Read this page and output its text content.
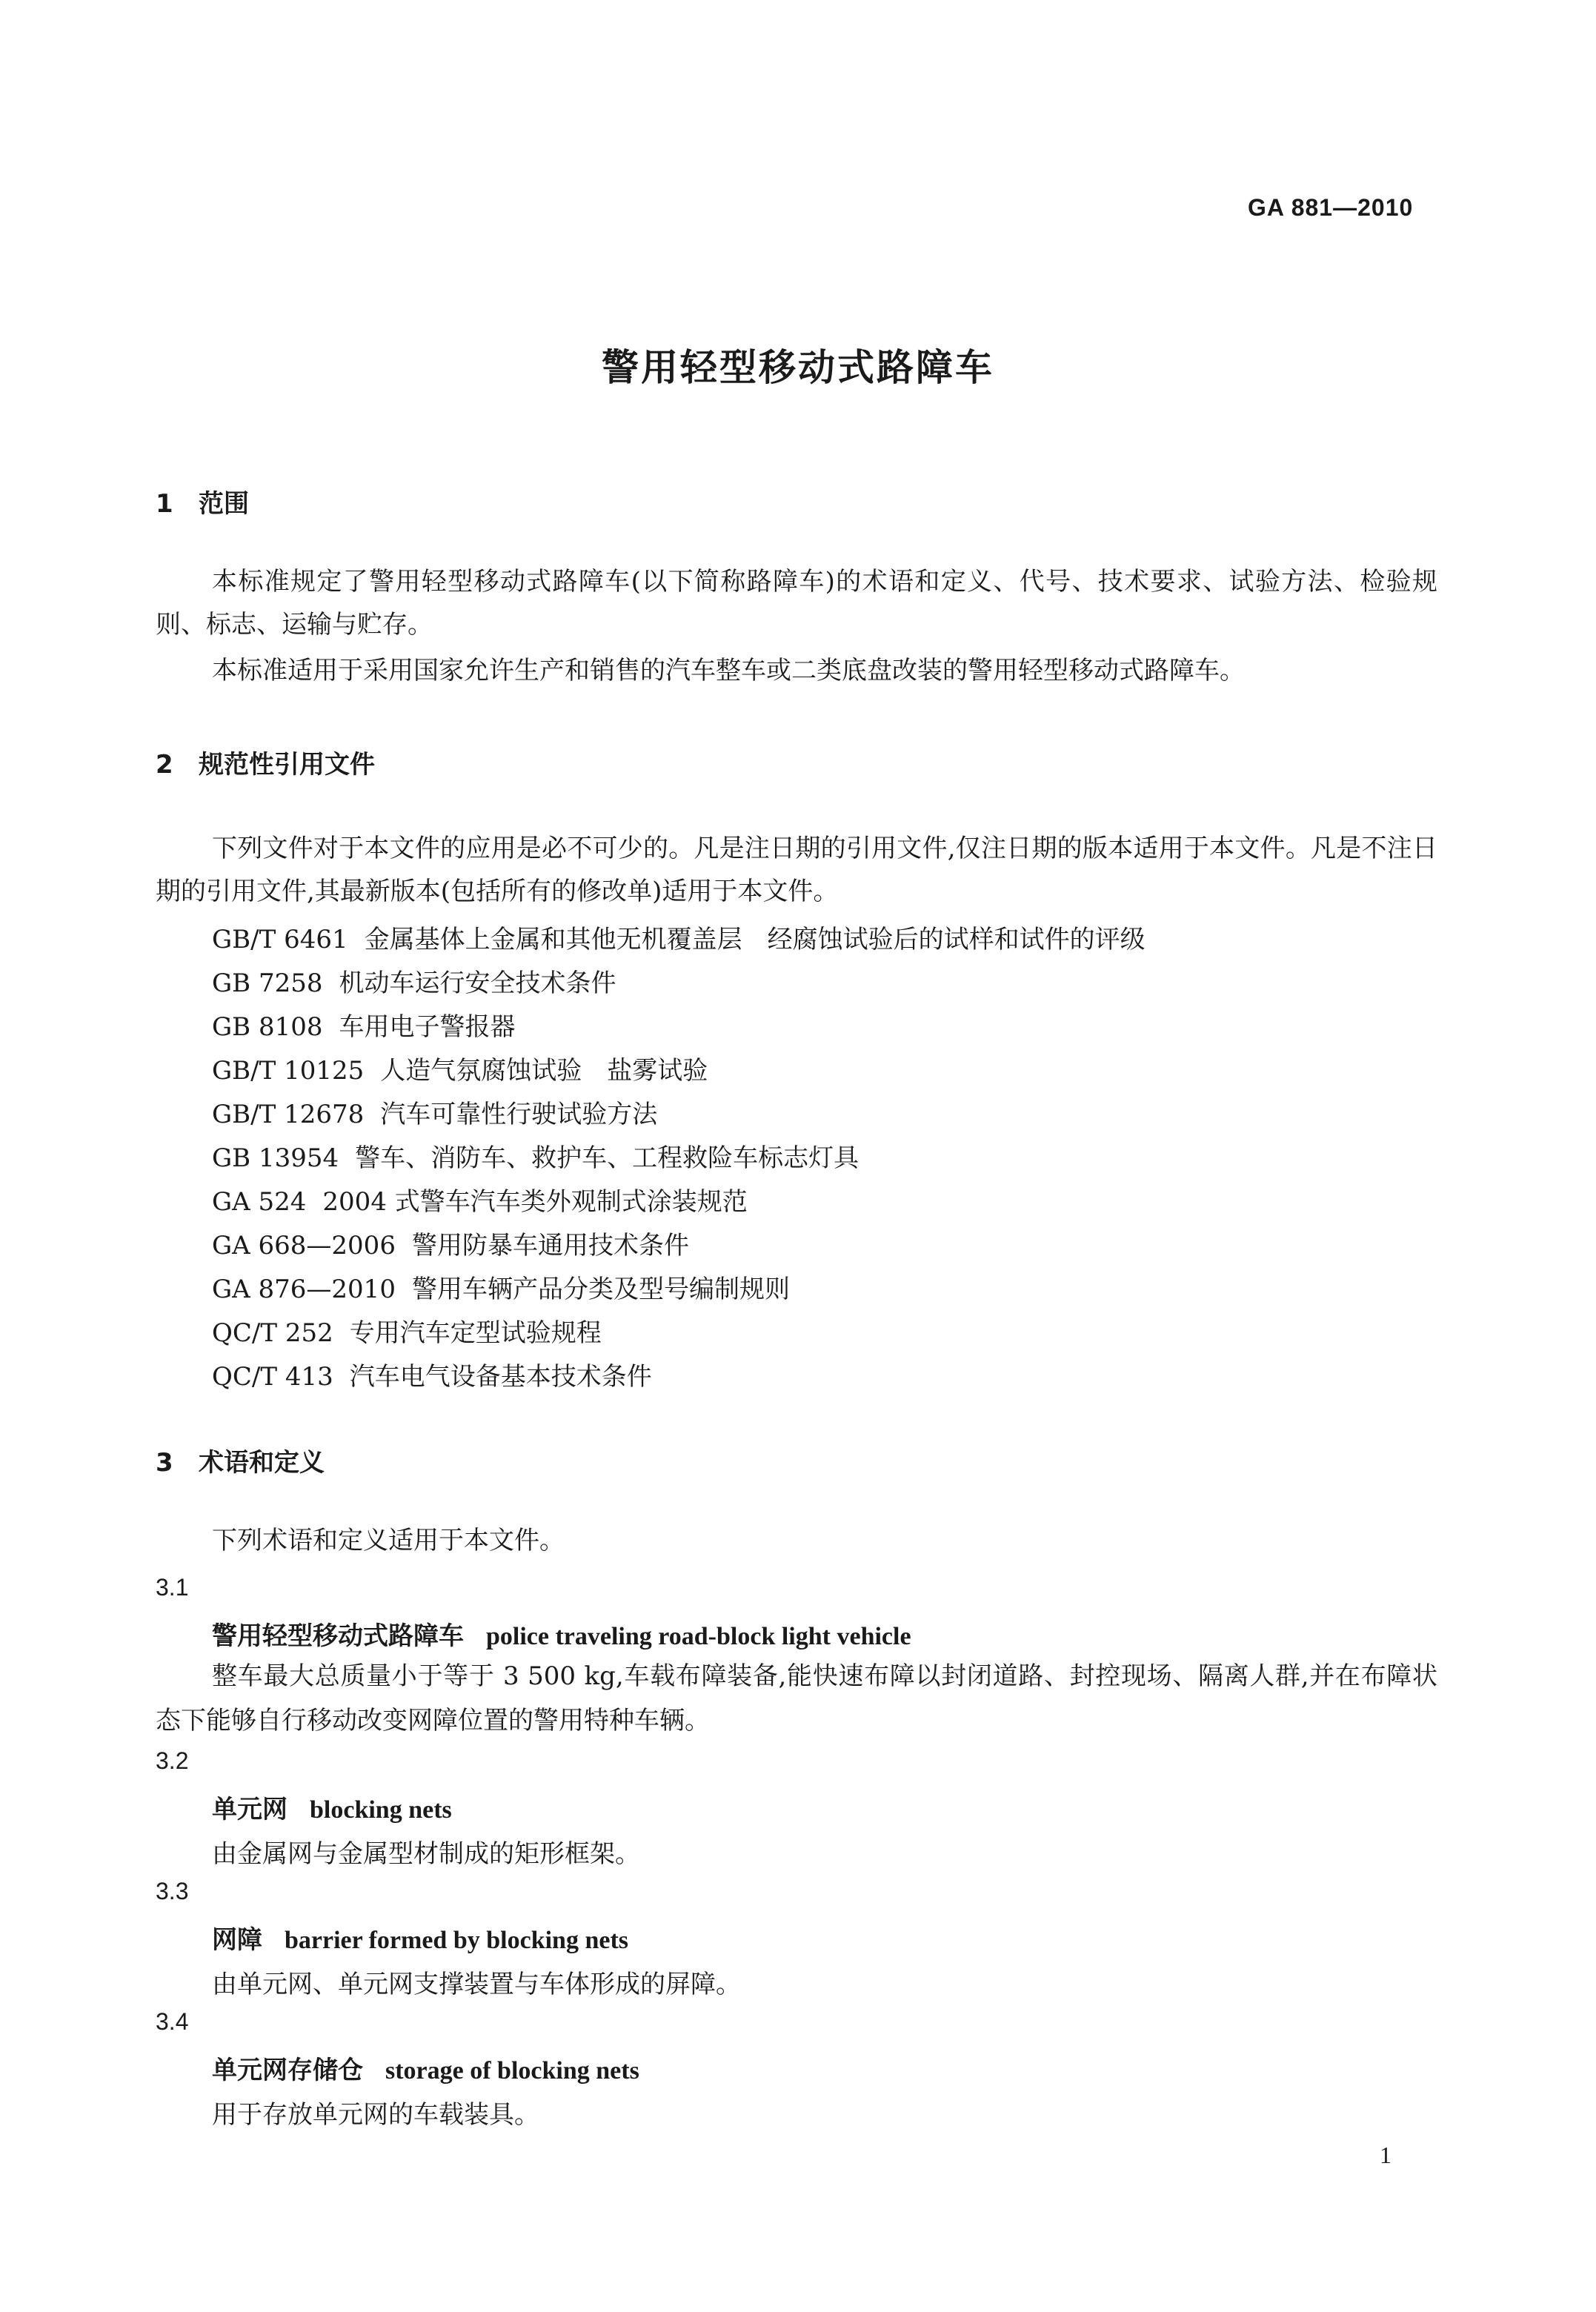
GA 881—2010
警用轻型移动式路障车
1 范围
本标准规定了警用轻型移动式路障车(以下简称路障车)的术语和定义、代号、技术要求、试验方法、检验规则、标志、运输与贮存。
本标准适用于采用国家允许生产和销售的汽车整车或二类底盘改装的警用轻型移动式路障车。
2 规范性引用文件
下列文件对于本文件的应用是必不可少的。凡是注日期的引用文件,仅注日期的版本适用于本文件。凡是不注日期的引用文件,其最新版本(包括所有的修改单)适用于本文件。
GB/T 6461 金属基体上金属和其他无机覆盖层　经腐蚀试验后的试样和试件的评级
GB 7258 机动车运行安全技术条件
GB 8108 车用电子警报器
GB/T 10125 人造气氛腐蚀试验　盐雾试验
GB/T 12678 汽车可靠性行驶试验方法
GB 13954 警车、消防车、救护车、工程救险车标志灯具
GA 524 2004 式警车汽车类外观制式涂装规范
GA 668—2006 警用防暴车通用技术条件
GA 876—2010 警用车辆产品分类及型号编制规则
QC/T 252 专用汽车定型试验规程
QC/T 413 汽车电气设备基本技术条件
3 术语和定义
下列术语和定义适用于本文件。
3.1
警用轻型移动式路障车 police traveling road-block light vehicle
整车最大总质量小于等于 3 500 kg,车载布障装备,能快速布障以封闭道路、封控现场、隔离人群,并在布障状态下能够自行移动改变网障位置的警用特种车辆。
3.2
单元网 blocking nets
由金属网与金属型材制成的矩形框架。
3.3
网障 barrier formed by blocking nets
由单元网、单元网支撑装置与车体形成的屏障。
3.4
单元网存储仓 storage of blocking nets
用于存放单元网的车载装具。
1
